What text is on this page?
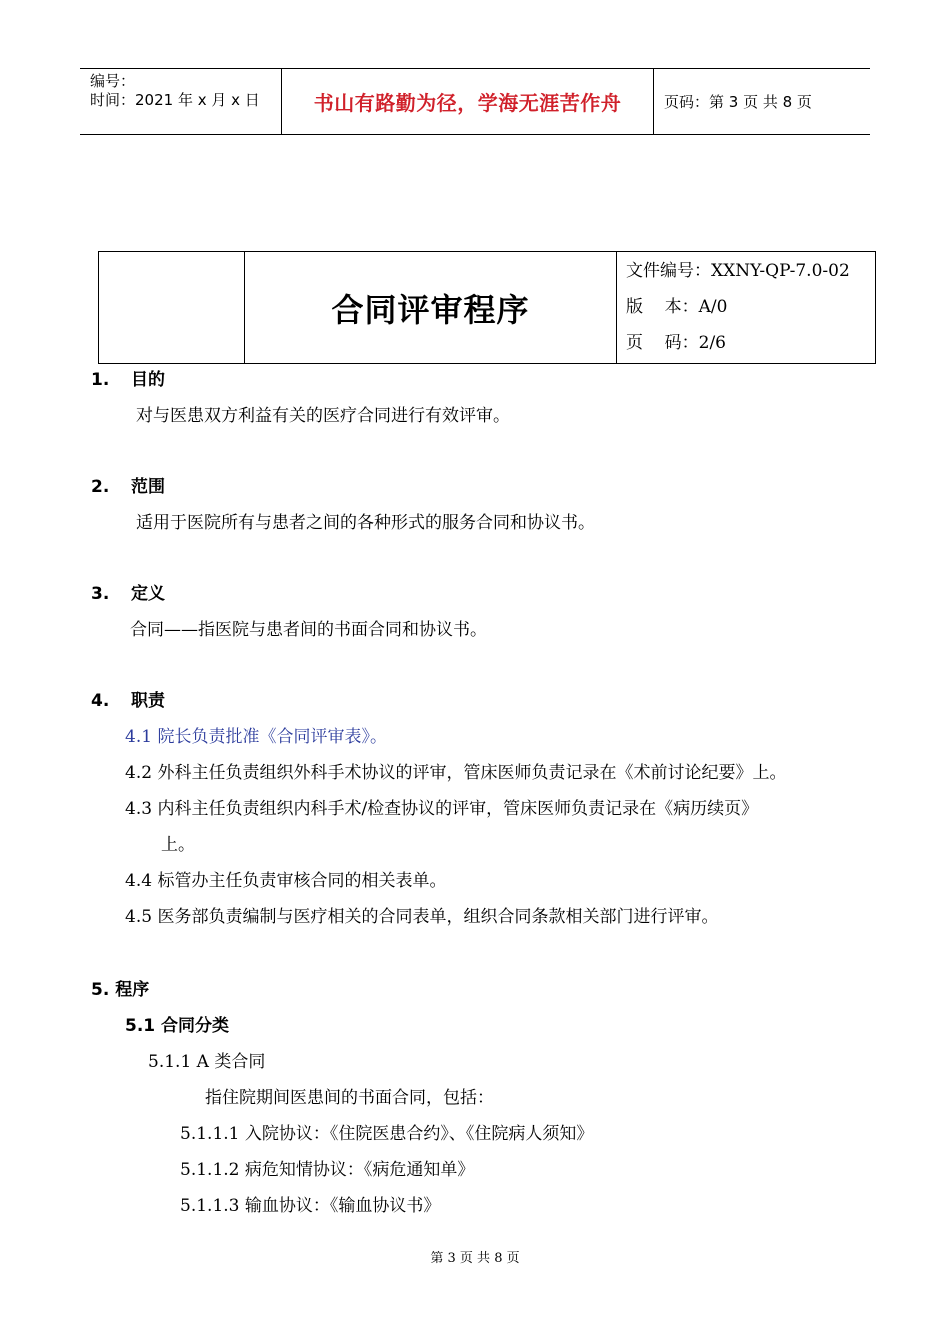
编号：
时间：2021 年 x 月 x 日	书山有路勤为径，学海无涯苦作舟	页码：第 3 页 共 8 页
合同评审程序
文件编号：XXNY-QP-7.0-02
版    本：A/0
页    码：2/6
1. 目的
对与医患双方利益有关的医疗合同进行有效评审。
2. 范围
适用于医院所有与患者之间的各种形式的服务合同和协议书。
3. 定义
合同——指医院与患者间的书面合同和协议书。
4. 职责
4.1 院长负责批准《合同评审表》。
4.2 外科主任负责组织外科手术协议的评审，管床医师负责记录在《术前讨论纪要》上。
4.3 内科主任负责组织内科手术/检查协议的评审，管床医师负责记录在《病历续页》
上。
4.4 标管办主任负责审核合同的相关表单。
4.5 医务部负责编制与医疗相关的合同表单，组织合同条款相关部门进行评审。
5. 程序
5.1 合同分类
5.1.1 A 类合同
指住院期间医患间的书面合同，包括：
5.1.1.1 入院协议：《住院医患合约》、《住院病人须知》
5.1.1.2 病危知情协议：《病危通知单》
5.1.1.3 输血协议：《输血协议书》
第 3 页 共 8 页
